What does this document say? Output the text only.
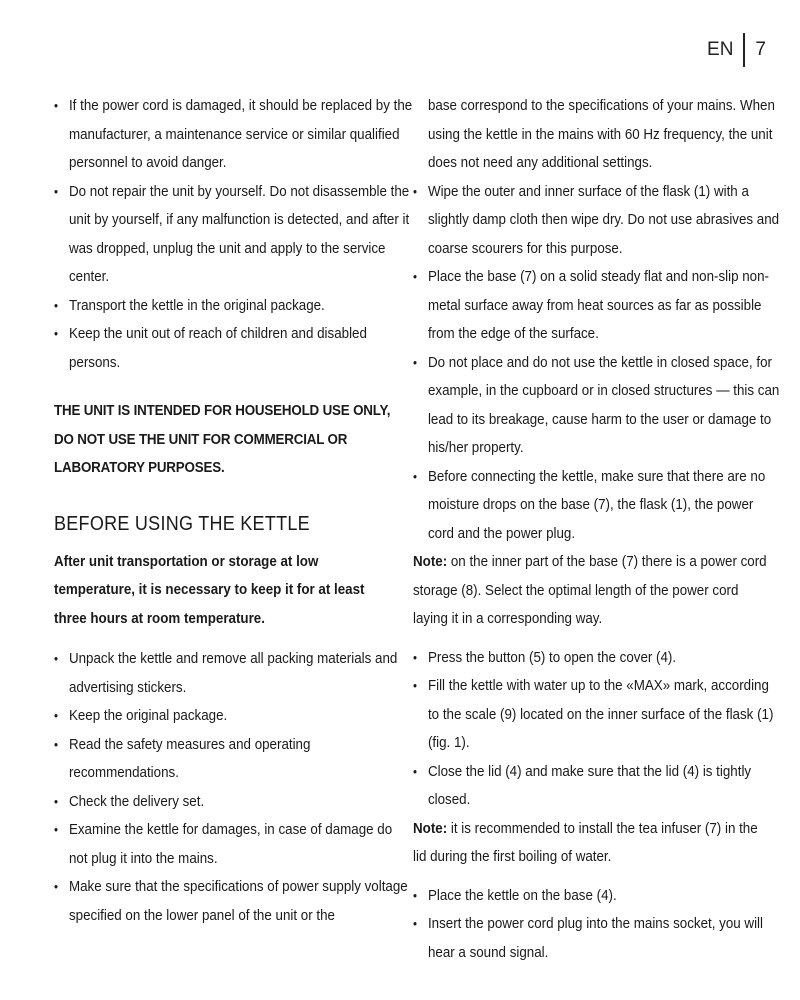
EN	7
• If the power cord is damaged, it should be replaced by the manufacturer, a maintenance service or similar qualified personnel to avoid danger.
• Do not repair the unit by yourself. Do not disassemble the unit by yourself, if any malfunction is detected, and after it was dropped, unplug the unit and apply to the service center.
• Transport the kettle in the original package.
• Keep the unit out of reach of children and disabled persons.
THE UNIT IS INTENDED FOR HOUSEHOLD USE ONLY, DO NOT USE THE UNIT FOR COMMERCIAL OR LABORATORY PURPOSES.
BEFORE USING THE KETTLE
After unit transportation or storage at low temperature, it is necessary to keep it for at least three hours at room temperature.
• Unpack the kettle and remove all packing materials and advertising stickers.
• Keep the original package.
• Read the safety measures and operating recommendations.
• Check the delivery set.
• Examine the kettle for damages, in case of damage do not plug it into the mains.
• Make sure that the specifications of power supply voltage specified on the lower panel of the unit or the
base correspond to the specifications of your mains. When using the kettle in the mains with 60 Hz frequency, the unit does not need any additional settings.
• Wipe the outer and inner surface of the flask (1) with a slightly damp cloth then wipe dry. Do not use abrasives and coarse scourers for this purpose.
• Place the base (7) on a solid steady flat and non-slip non-metal surface away from heat sources as far as possible from the edge of the surface.
• Do not place and do not use the kettle in closed space, for example, in the cupboard or in closed structures — this can lead to its breakage, cause harm to the user or damage to his/her property.
• Before connecting the kettle, make sure that there are no moisture drops on the base (7), the flask (1), the power cord and the power plug.
Note: on the inner part of the base (7) there is a power cord storage (8). Select the optimal length of the power cord laying it in a corresponding way.
• Press the button (5) to open the cover (4).
• Fill the kettle with water up to the «MAX» mark, according to the scale (9) located on the inner surface of the flask (1) (fig. 1).
• Close the lid (4) and make sure that the lid (4) is tightly closed.
Note: it is recommended to install the tea infuser (7) in the lid during the first boiling of water.
• Place the kettle on the base (4).
• Insert the power cord plug into the mains socket, you will hear a sound signal.
